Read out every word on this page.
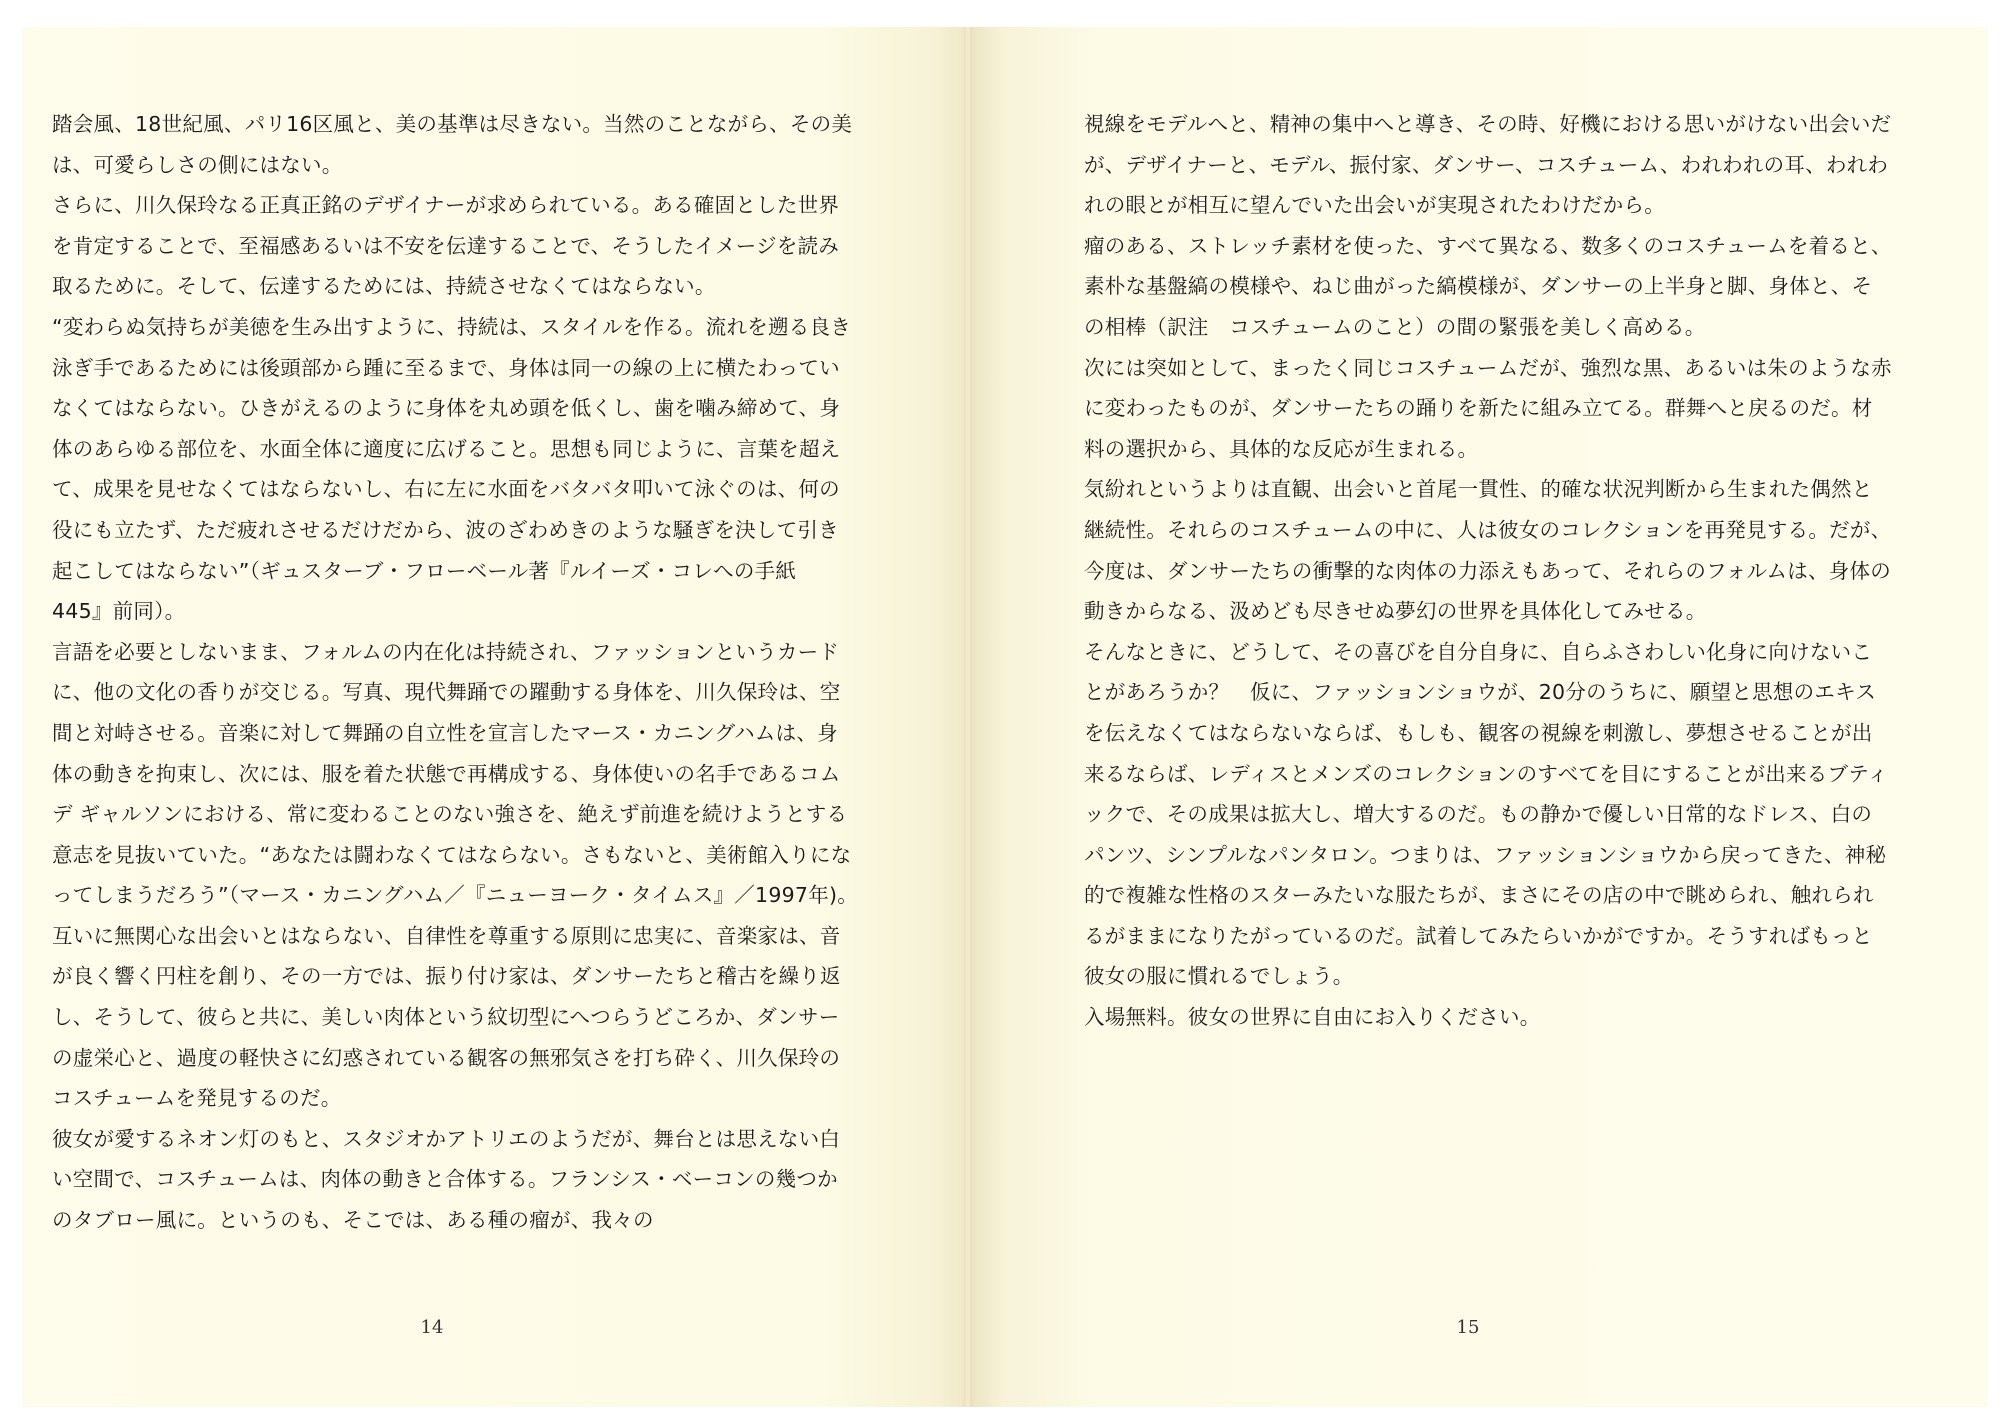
踏会風、18世紀風、パリ16区風と、美の基準は尽きない。当然のことながら、その美は、可愛らしさの側にはない。

さらに、川久保玲なる正真正銘のデザイナーが求められている。ある確固とした世界を肯定することで、至福感あるいは不安を伝達することで、そうしたイメージを読み取るために。そして、伝達するためには、持続させなくてはならない。

“変わらぬ気持ちが美徳を生み出すように、持続は、スタイルを作る。流れを遡る良き泳ぎ手であるためには後頭部から踵に至るまで、身体は同一の線の上に横たわっていなくてはならない。ひきがえるのように身体を丸め頭を低くし、歯を噛み締めて、身体のあらゆる部位を、水面全体に適度に広げること。思想も同じように、言葉を超えて、成果を見せなくてはならないし、右に左に水面をバタバタ叩いて泳ぐのは、何の役にも立たず、ただ疲れさせるだけだから、波のざわめきのような騒ぎを決して引き起こしてはならない”（ギュスターブ・フローベール著『ルイーズ・コレへの手紙　445』前同）。

言語を必要としないまま、フォルムの内在化は持続され、ファッションというカードに、他の文化の香りが交じる。写真、現代舞踊での躍動する身体を、川久保玲は、空間と対峙させる。音楽に対して舞踊の自立性を宣言したマース・カニングハムは、身体の動きを拘束し、次には、服を着た状態で再構成する、身体使いの名手であるコム デ ギャルソンにおける、常に変わることのない強さを、絶えず前進を続けようとする意志を見抜いていた。“あなたは闘わなくてはならない。さもないと、美術館入りになってしまうだろう”（マース・カニングハム／『ニューヨーク・タイムス』／1997年)。

互いに無関心な出会いとはならない、自律性を尊重する原則に忠実に、音楽家は、音が良く響く円柱を創り、その一方では、振り付け家は、ダンサーたちと稽古を繰り返し、そうして、彼らと共に、美しい肉体という紋切型にへつらうどころか、ダンサーの虚栄心と、過度の軽快さに幻惑されている観客の無邪気さを打ち砕く、川久保玲のコスチュームを発見するのだ。

彼女が愛するネオン灯のもと、スタジオかアトリエのようだが、舞台とは思えない白い空間で、コスチュームは、肉体の動きと合体する。フランシス・ベーコンの幾つかのタブロー風に。というのも、そこでは、ある種の瘤が、我々の

14

視線をモデルへと、精神の集中へと導き、その時、好機における思いがけない出会いだが、デザイナーと、モデル、振付家、ダンサー、コスチューム、われわれの耳、われわれの眼とが相互に望んでいた出会いが実現されたわけだから。

瘤のある、ストレッチ素材を使った、すべて異なる、数多くのコスチュームを着ると、素朴な基盤縞の模様や、ねじ曲がった縞模様が、ダンサーの上半身と脚、身体と、その相棒（訳注　コスチュームのこと）の間の緊張を美しく高める。

次には突如として、まったく同じコスチュームだが、強烈な黒、あるいは朱のような赤に変わったものが、ダンサーたちの踊りを新たに組み立てる。群舞へと戻るのだ。材料の選択から、具体的な反応が生まれる。

気紛れというよりは直観、出会いと首尾一貫性、的確な状況判断から生まれた偶然と継続性。それらのコスチュームの中に、人は彼女のコレクションを再発見する。だが、今度は、ダンサーたちの衝撃的な肉体の力添えもあって、それらのフォルムは、身体の動きからなる、汲めども尽きせぬ夢幻の世界を具体化してみせる。

そんなときに、どうして、その喜びを自分自身に、自らふさわしい化身に向けないことがあろうか？　仮に、ファッションショウが、20分のうちに、願望と思想のエキスを伝えなくてはならないならば、もしも、観客の視線を刺激し、夢想させることが出来るならば、レディスとメンズのコレクションのすべてを目にすることが出来るブティックで、その成果は拡大し、増大するのだ。もの静かで優しい日常的なドレス、白のパンツ、シンプルなパンタロン。つまりは、ファッションショウから戻ってきた、神秘的で複雑な性格のスターみたいな服たちが、まさにその店の中で眺められ、触れられるがままになりたがっているのだ。試着してみたらいかがですか。そうすればもっと彼女の服に慣れるでしょう。

入場無料。彼女の世界に自由にお入りください。

15
